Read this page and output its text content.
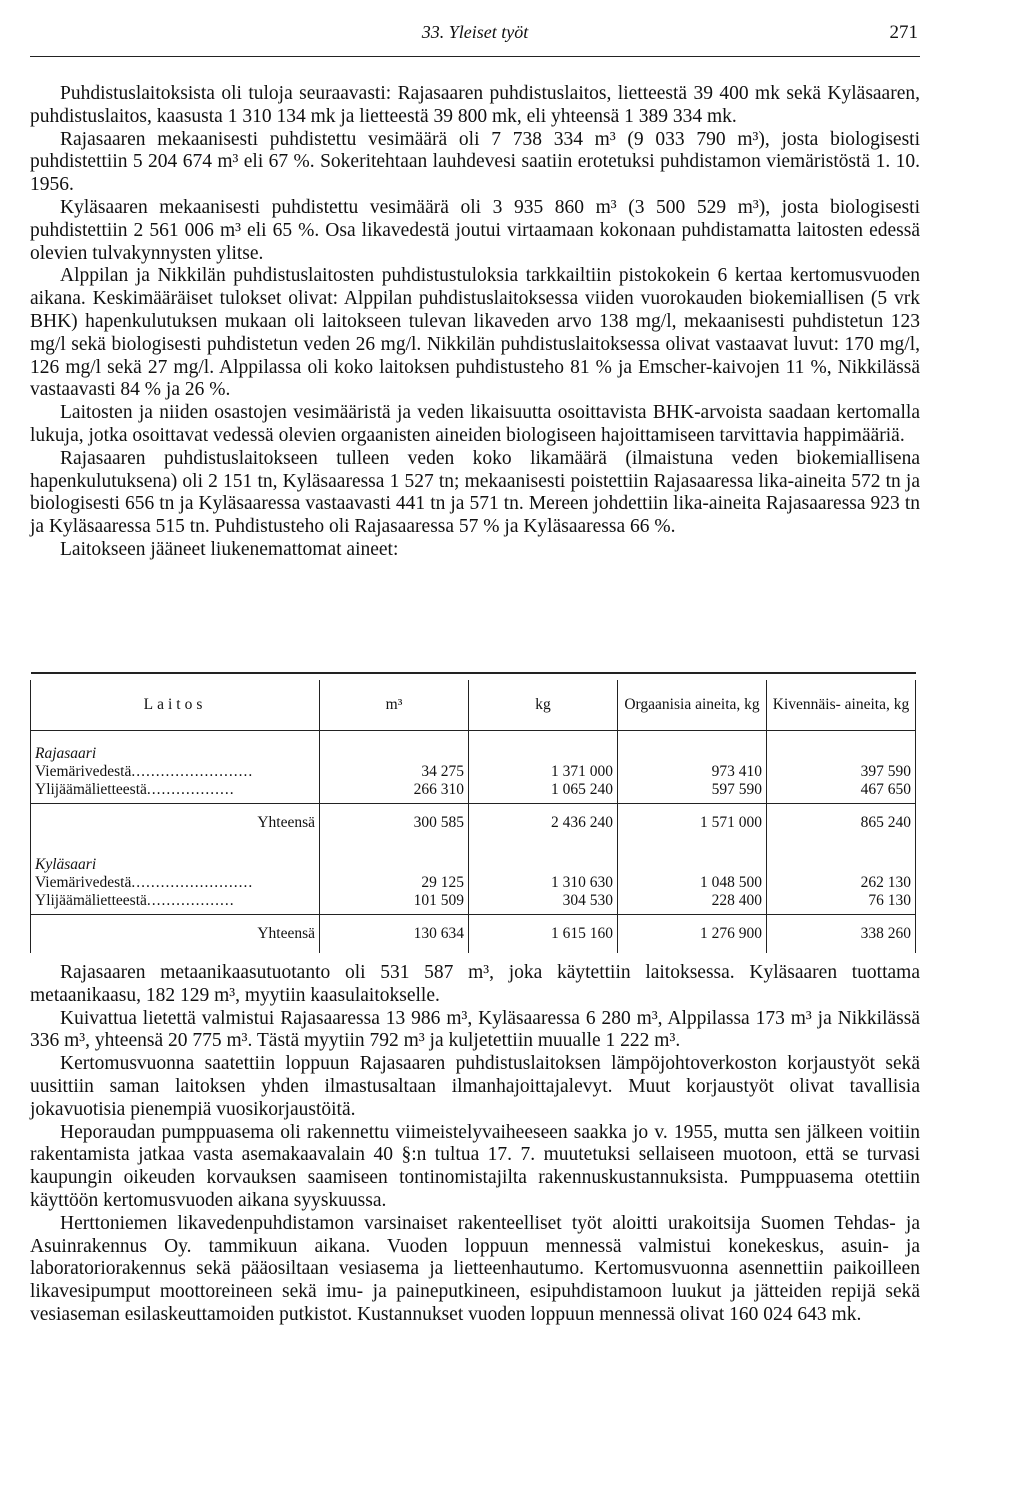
33. Yleiset työt	271

Puhdistuslaitoksista oli tuloja seuraavasti: Rajasaaren puhdistuslaitos, lietteestä 39 400 mk sekä Kyläsaaren, puhdistuslaitos, kaasusta 1 310 134 mk ja lietteestä 39 800 mk, eli yhteensä 1 389 334 mk.

Rajasaaren mekaanisesti puhdistettu vesimäärä oli 7 738 334 m³ (9 033 790 m³), josta biologisesti puhdistettiin 5 204 674 m³ eli 67 %. Sokeritehtaan lauhdevesi saatiin erotetuksi puhdistamon viemäristöstä 1. 10. 1956.

Kyläsaaren mekaanisesti puhdistettu vesimäärä oli 3 935 860 m³ (3 500 529 m³), josta biologisesti puhdistettiin 2 561 006 m³ eli 65 %. Osa likavedestä joutui virtaamaan kokonaan puhdistamatta laitosten edessä olevien tulvakynnysten ylitse.

Alppilan ja Nikkilän puhdistuslaitosten puhdistustuloksia tarkkailtiin pistokokein 6 kertaa kertomusvuoden aikana. Keskimääräiset tulokset olivat: Alppilan puhdistuslaitoksessa viiden vuorokauden biokemiallisen (5 vrk BHK) hapenkulutuksen mukaan oli laitokseen tulevan likaveden arvo 138 mg/l, mekaanisesti puhdistetun 123 mg/l sekä biologisesti puhdistetun veden 26 mg/l. Nikkilän puhdistuslaitoksessa olivat vastaavat luvut: 170 mg/l, 126 mg/l sekä 27 mg/l. Alppilassa oli koko laitoksen puhdistusteho 81 % ja Emscher-kaivojen 11 %, Nikkilässä vastaavasti 84 % ja 26 %.

Laitosten ja niiden osastojen vesimääristä ja veden likaisuutta osoittavista BHK-arvoista saadaan kertomalla lukuja, jotka osoittavat vedessä olevien orgaanisten aineiden biologiseen hajoittamiseen tarvittavia happimääriä.

Rajasaaren puhdistuslaitokseen tulleen veden koko likamäärä (ilmaistuna veden biokemiallisena hapenkulutuksena) oli 2 151 tn, Kyläsaaressa 1 527 tn; mekaanisesti poistettiin Rajasaaressa lika-aineita 572 tn ja biologisesti 656 tn ja Kyläsaaressa vastaavasti 441 tn ja 571 tn. Mereen johdettiin lika-aineita Rajasaaressa 923 tn ja Kyläsaaressa 515 tn. Puhdistusteho oli Rajasaaressa 57 % ja Kyläsaaressa 66 %.

Laitokseen jääneet liukenemattomat aineet:

Laitos	m³	kg	Orgaanisia aineita, kg	Kivennäis- aineita, kg
Rajasaari				
Viemärivedestä.........................	34 275	1 371 000	973 410	397 590
Ylijäämälietteestä..................	266 310	1 065 240	597 590	467 650
Yhteensä	300 585	2 436 240	1 571 000	865 240
Kyläsaari				
Viemärivedestä.........................	29 125	1 310 630	1 048 500	262 130
Ylijäämälietteestä..................	101 509	304 530	228 400	76 130
Yhteensä	130 634	1 615 160	1 276 900	338 260

Rajasaaren metaanikaasutuotanto oli 531 587 m³, joka käytettiin laitoksessa. Kyläsaaren tuottama metaanikaasu, 182 129 m³, myytiin kaasulaitokselle.

Kuivattua lietettä valmistui Rajasaaressa 13 986 m³, Kyläsaaressa 6 280 m³, Alppilassa 173 m³ ja Nikkilässä 336 m³, yhteensä 20 775 m³. Tästä myytiin 792 m³ ja kuljetettiin muualle 1 222 m³.

Kertomusvuonna saatettiin loppuun Rajasaaren puhdistuslaitoksen lämpöjohtoverkoston korjaustyöt sekä uusittiin saman laitoksen yhden ilmastusaltaan ilmanhajoittajalevyt. Muut korjaustyöt olivat tavallisia jokavuotisia pienempiä vuosikorjaustöitä.

Heporaudan pumppuasema oli rakennettu viimeistelyvaiheeseen saakka jo v. 1955, mutta sen jälkeen voitiin rakentamista jatkaa vasta asemakaavalain 40 §:n tultua 17. 7. muutetuksi sellaiseen muotoon, että se turvasi kaupungin oikeuden korvauksen saamiseen tontinomistajilta rakennuskustannuksista. Pumppuasema otettiin käyttöön kertomusvuoden aikana syyskuussa.

Herttoniemen likavedenpuhdistamon varsinaiset rakenteelliset työt aloitti urakoitsija Suomen Tehdas- ja Asuinrakennus Oy. tammikuun aikana. Vuoden loppuun mennessä valmistui konekeskus, asuin- ja laboratoriorakennus sekä pääosiltaan vesiasema ja lietteenhautumo. Kertomusvuonna asennettiin paikoilleen likavesipumput moottoreineen sekä imu- ja paineputkineen, esipuhdistamoon luukut ja jätteiden repijä sekä vesiaseman esilaskeuttamoiden putkistot. Kustannukset vuoden loppuun mennessä olivat 160 024 643 mk.
